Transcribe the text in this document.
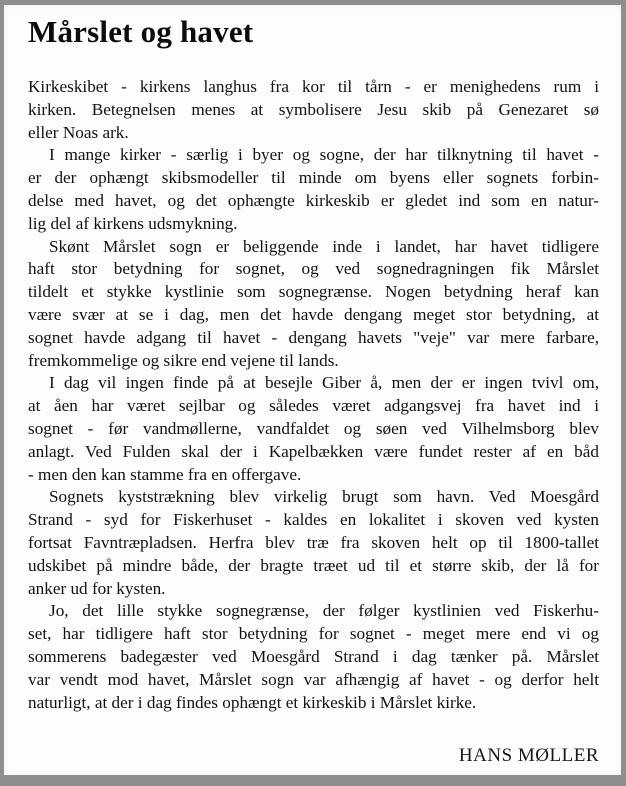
Mårslet og havet

Kirkeskibet - kirkens langhus fra kor til tårn - er menighedens rum i
kirken. Betegnelsen menes at symbolisere Jesu skib på Genezaret sø
eller Noas ark.

I mange kirker - særlig i byer og sogne, der har tilknytning til havet -
er der ophængt skibsmodeller til minde om byens eller sognets forbin-
delse med havet, og det ophængte kirkeskib er gledet ind som en natur-
lig del af kirkens udsmykning.

Skønt Mårslet sogn er beliggende inde i landet, har havet tidligere
haft stor betydning for sognet, og ved sognedragningen fik Mårslet
tildelt et stykke kystlinie som sognegrænse. Nogen betydning heraf kan
være svær at se i dag, men det havde dengang meget stor betydning, at
sognet havde adgang til havet - dengang havets "veje" var mere farbare,
fremkommelige og sikre end vejene til lands.

I dag vil ingen finde på at besejle Giber å, men der er ingen tvivl om,
at åen har været sejlbar og således været adgangsvej fra havet ind i
sognet - før vandmøllerne, vandfaldet og søen ved Vilhelmsborg blev
anlagt. Ved Fulden skal der i Kapelbækken være fundet rester af en båd
- men den kan stamme fra en offergave.

Sognets kyststrækning blev virkelig brugt som havn. Ved Moesgård
Strand - syd for Fiskerhuset - kaldes en lokalitet i skoven ved kysten
fortsat Favntræpladsen. Herfra blev træ fra skoven helt op til 1800-tallet
udskibet på mindre både, der bragte træet ud til et større skib, der lå for
anker ud for kysten.

Jo, det lille stykke sognegrænse, der følger kystlinien ved Fiskerhu-
set, har tidligere haft stor betydning for sognet - meget mere end vi og
sommerens badegæster ved Moesgård Strand i dag tænker på. Mårslet
var vendt mod havet, Mårslet sogn var afhængig af havet - og derfor helt
naturligt, at der i dag findes ophængt et kirkeskib i Mårslet kirke.

HANS MØLLER
